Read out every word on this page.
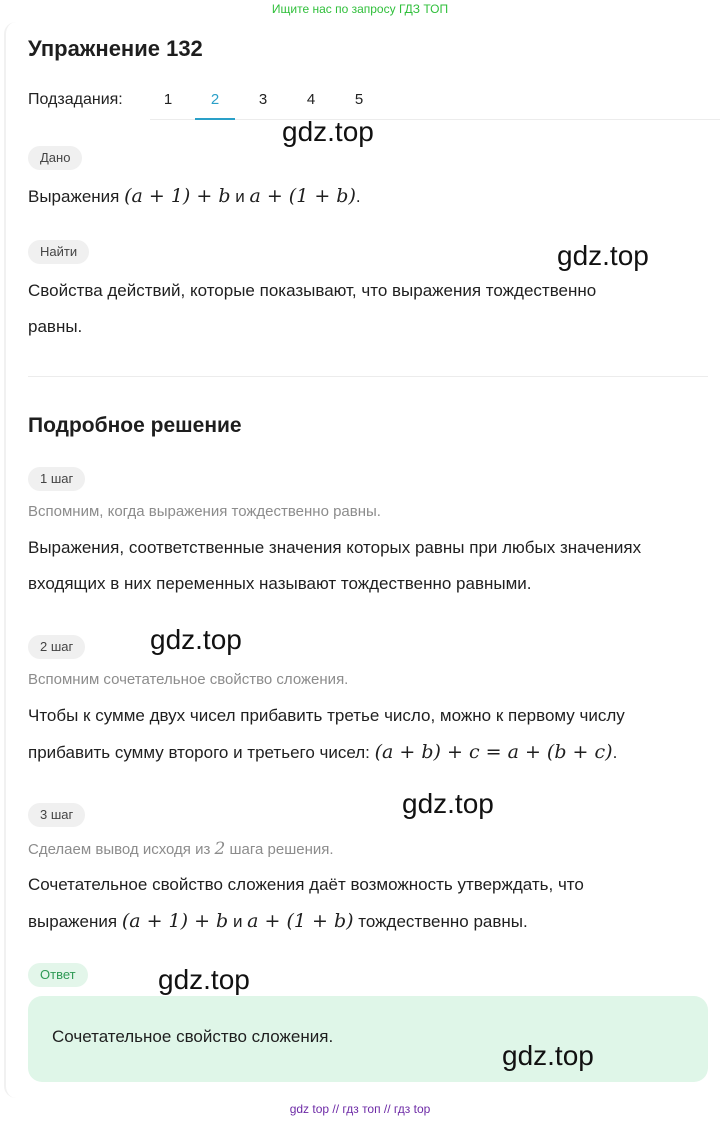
Ищите нас по запросу ГДЗ ТОП
Упражнение 132
Подзадания:	1	2	3	4	5
Дано
Выражения (a + 1) + b и a + (1 + b).
Найти
Свойства действий, которые показывают, что выражения тождественно
равны.
Подробное решение
1 шаг
Вспомним, когда выражения тождественно равны.
Выражения, соответственные значения которых равны при любых значениях
входящих в них переменных называют тождественно равными.
2 шаг
Вспомним сочетательное свойство сложения.
Чтобы к сумме двух чисел прибавить третье число, можно к первому числу
прибавить сумму второго и третьего чисел: (a + b) + c = a + (b + c).
3 шаг
Сделаем вывод исходя из 2 шага решения.
Сочетательное свойство сложения даёт возможность утверждать, что
выражения (a + 1) + b и a + (1 + b) тождественно равны.
Ответ
Сочетательное свойство сложения.
gdz.top
gdz.top
gdz.top
gdz.top
gdz.top
gdz.top
gdz top // гдз топ // гдз top
